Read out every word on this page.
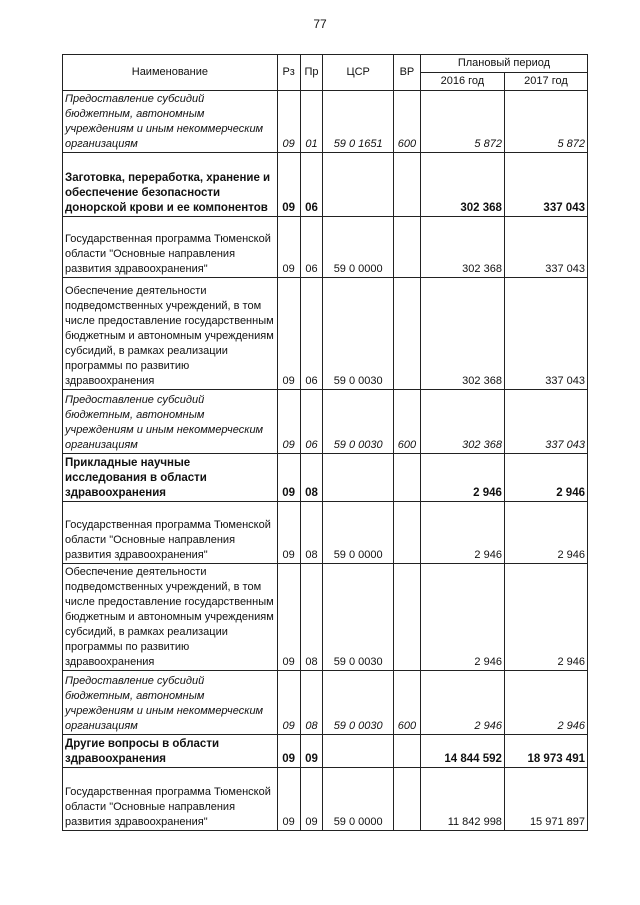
77
Наименование	Рз	Пр	ЦСР	ВР	Плановый период	
					2016 год	2017 год
Предоставление субсидий бюджетным, автономным учреждениям и иным некоммерческим организациям	09	01	59 0 1651	600	5 872	5 872
Заготовка, переработка, хранение и обеспечение безопасности донорской крови и ее компонентов	09	06			302 368	337 043
Государственная программа Тюменской области "Основные направления развития здравоохранения"	09	06	59 0 0000		302 368	337 043
Обеспечение деятельности подведомственных учреждений, в том числе предоставление государственным бюджетным и автономным учреждениям субсидий, в рамках реализации программы по развитию здравоохранения	09	06	59 0 0030		302 368	337 043
Предоставление субсидий бюджетным, автономным учреждениям и иным некоммерческим организациям	09	06	59 0 0030	600	302 368	337 043
Прикладные научные исследования в области здравоохранения	09	08			2 946	2 946
Государственная программа Тюменской области "Основные направления развития здравоохранения"	09	08	59 0 0000		2 946	2 946
Обеспечение деятельности подведомственных учреждений, в том числе предоставление государственным бюджетным и автономным учреждениям субсидий, в рамках реализации программы по развитию здравоохранения	09	08	59 0 0030		2 946	2 946
Предоставление субсидий бюджетным, автономным учреждениям и иным некоммерческим организациям	09	08	59 0 0030	600	2 946	2 946
Другие вопросы в области здравоохранения	09	09			14 844 592	18 973 491
Государственная программа Тюменской области "Основные направления развития здравоохранения"	09	09	59 0 0000		11 842 998	15 971 897
